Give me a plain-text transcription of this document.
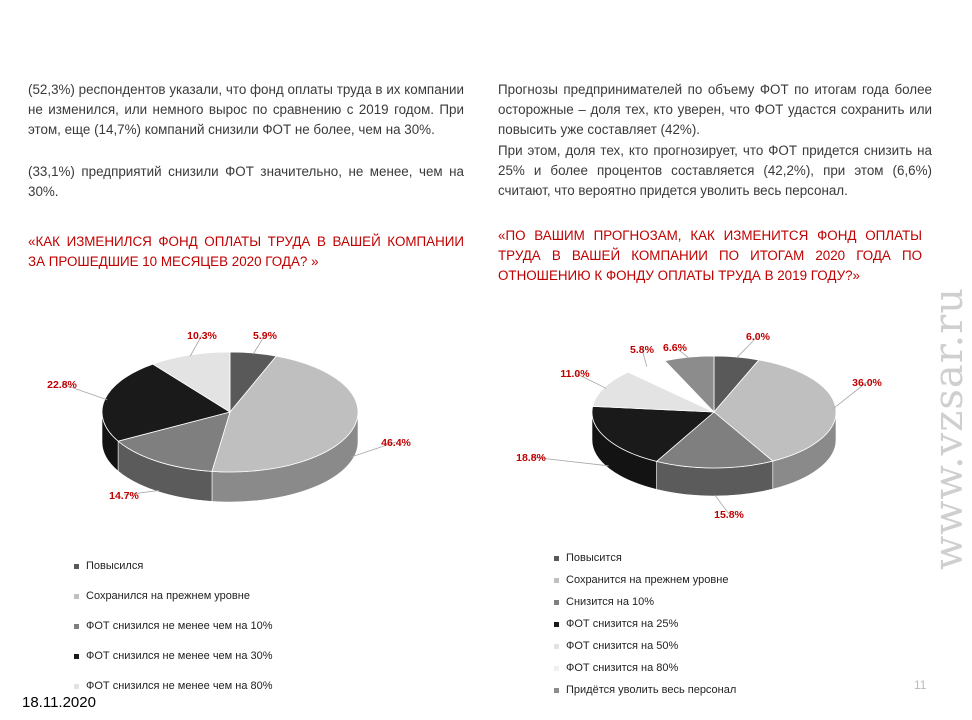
(52,3%) респондентов указали, что фонд оплаты труда в их компании не изменился, или немного вырос по сравнению с 2019 годом. При этом, еще (14,7%) компаний снизили ФОТ не более, чем на 30%.

(33,1%) предприятий снизили ФОТ значительно, не менее, чем на 30%.

«КАК ИЗМЕНИЛСЯ ФОНД ОПЛАТЫ ТРУДА В ВАШЕЙ КОМПАНИИ ЗА ПРОШЕДШИЕ 10 МЕСЯЦЕВ 2020 ГОДА? »

Прогнозы предпринимателей по объему ФОТ по итогам года более осторожные – доля тех, кто уверен, что ФОТ удастся сохранить или повысить уже составляет (42%).

При этом, доля тех, кто прогнозирует, что ФОТ придется снизить на 25% и более процентов составляется (42,2%), при этом (6,6%) считают, что вероятно придется уволить весь персонал.

«ПО ВАШИМ ПРОГНОЗАМ, КАК ИЗМЕНИТСЯ ФОНД ОПЛАТЫ ТРУДА В ВАШЕЙ КОМПАНИИ ПО ИТОГАМ 2020 ГОДА ПО ОТНОШЕНИЮ К ФОНДУ ОПЛАТЫ ТРУДА В 2019 ГОДУ?»

5.9%
46.4%
14.7%
22.8%
10.3%	6.0%
36.0%
15.8%
18.8%
11.0%
5.8% 6.6%
Повысился
Сохранился на прежнем уровне
ФОТ снизился не менее чем на 10%
ФОТ снизился не менее чем на 30%
ФОТ снизился не менее чем на 80%
Повысится
Сохранится на прежнем уровне
Снизится на 10%
ФОТ снизится на 25%
ФОТ снизится на 50%
ФОТ снизится на 80%
Придётся уволить весь персонал
18.11.2020
11
www.vzsar.ru
